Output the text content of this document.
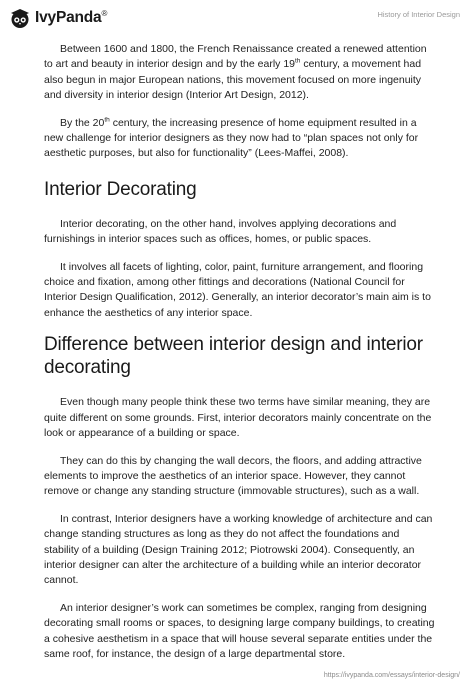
IvyPanda®	History of Interior Design

Between 1600 and 1800, the French Renaissance created a renewed attention to art and beauty in interior design and by the early 19th century, a movement had also begun in major European nations, this movement focused on more ingenuity and diversity in interior design (Interior Art Design, 2012).

By the 20th century, the increasing presence of home equipment resulted in a new challenge for interior designers as they now had to “plan spaces not only for aesthetic purposes, but also for functionality” (Lees-Maffei, 2008).

Interior Decorating

Interior decorating, on the other hand, involves applying decorations and furnishings in interior spaces such as offices, homes, or public spaces.

It involves all facets of lighting, color, paint, furniture arrangement, and flooring choice and fixation, among other fittings and decorations (National Council for Interior Design Qualification, 2012). Generally, an interior decorator’s main aim is to enhance the aesthetics of any interior space.

Difference between interior design and interior decorating

Even though many people think these two terms have similar meaning, they are quite different on some grounds. First, interior decorators mainly concentrate on the look or appearance of a building or space.

They can do this by changing the wall decors, the floors, and adding attractive elements to improve the aesthetics of an interior space. However, they cannot remove or change any standing structure (immovable structures), such as a wall.

In contrast, Interior designers have a working knowledge of architecture and can change standing structures as long as they do not affect the foundations and stability of a building (Design Training 2012; Piotrowski 2004). Consequently, an interior designer can alter the architecture of a building while an interior decorator cannot.

An interior designer’s work can sometimes be complex, ranging from designing decorating small rooms or spaces, to designing large company buildings, to creating a cohesive aesthetism in a space that will house several separate entities under the same roof, for instance, the design of a large departmental store.

https://ivypanda.com/essays/interior-design/
